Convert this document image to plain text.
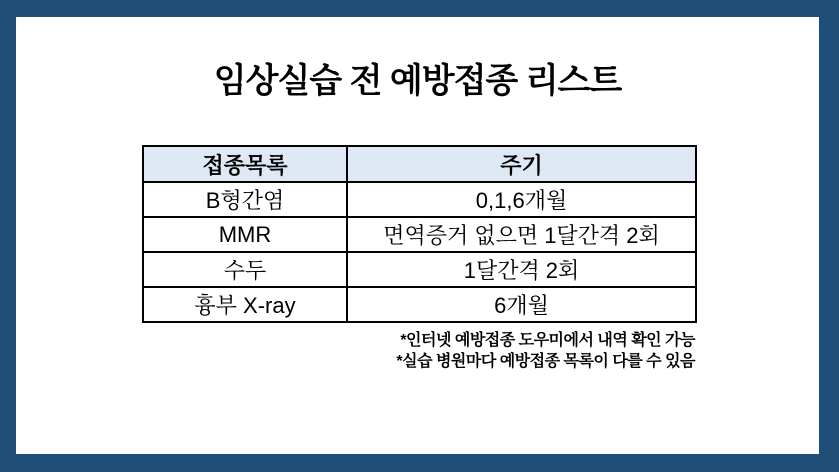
임상실습 전 예방접종 리스트
접종목록	주기
B형간염	0,1,6개월
MMR	면역증거 없으면 1달간격 2회
수두	1달간격 2회
흉부 X-ray	6개월
*인터넷 예방접종 도우미에서 내역 확인 가능
*실습 병원마다 예방접종 목록이 다를 수 있음
